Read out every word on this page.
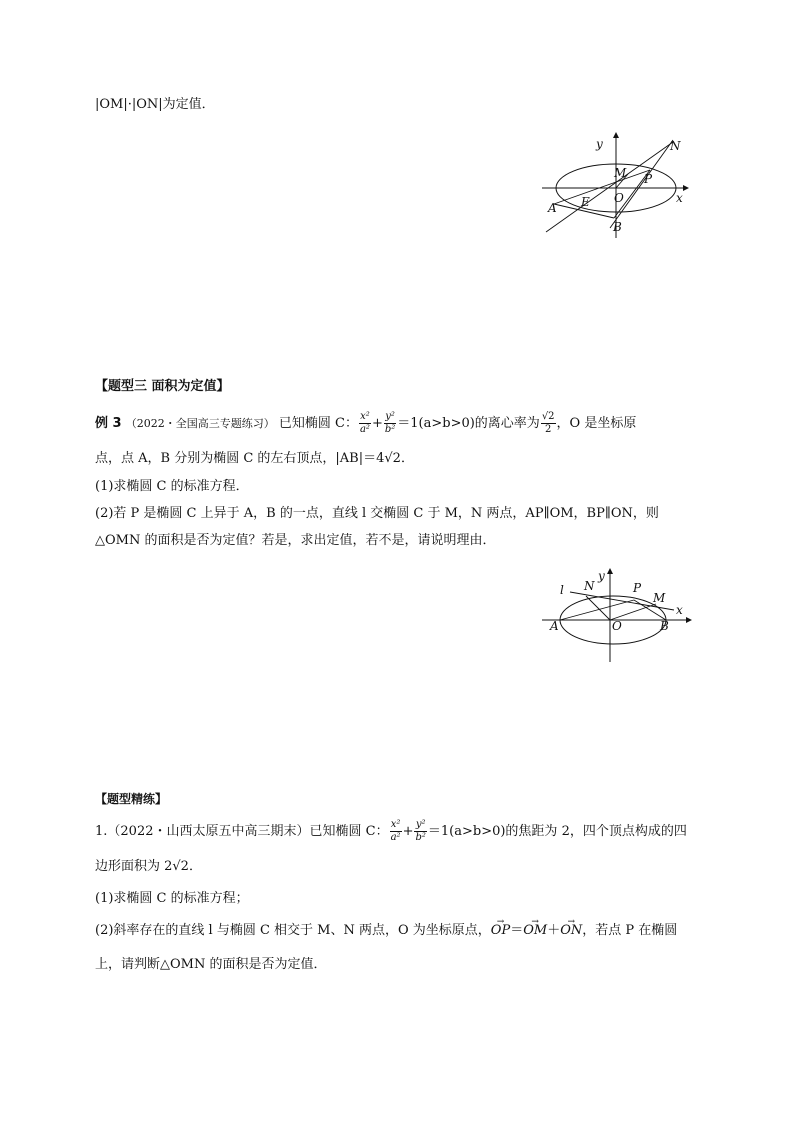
|OM|·|ON|为定值．
y	N
M P
O	x
E
A
B
【题型三 面积为定值】
例 3 （2022・全国高三专题练习） 已知椭圆 C： $\frac{\text{x²}}{\text{a²}} + \frac{\text{y²}}{\text{b²}} =1(a>b>0)$的离心率为 $\frac{√2}{2}$ ，O 是坐标原
点，点 A，B 分别为椭圆 C 的左右顶点，|AB|＝4√2．
(1)求椭圆 C 的标准方程．
(2)若 P 是椭圆 C 上异于 A，B 的一点，直线 l 交椭圆 C 于 M，N 两点，AP∥OM，BP∥ON，则
△OMN 的面积是否为定值？若是，求出定值，若不是，请说明理由．
l
y
N	P
M
x
A	O	B
【题型精练】
1.（2022・山西太原五中高三期末）已知椭圆 C： $\frac{\text{x²}}{\text{a²}} + \frac{\text{y²}}{\text{b²}} =1(a>b>0)$的焦距为 2，四个顶点构成的四
边形面积为 2√2．
(1)求椭圆 C 的标准方程；
(2)斜率存在的直线 l 与椭圆 C 相交于 M、N 两点，O 为坐标原点，→ OP＝→ OM＋→ ON，若点 P 在椭圆
上，请判断△OMN 的面积是否为定值．
